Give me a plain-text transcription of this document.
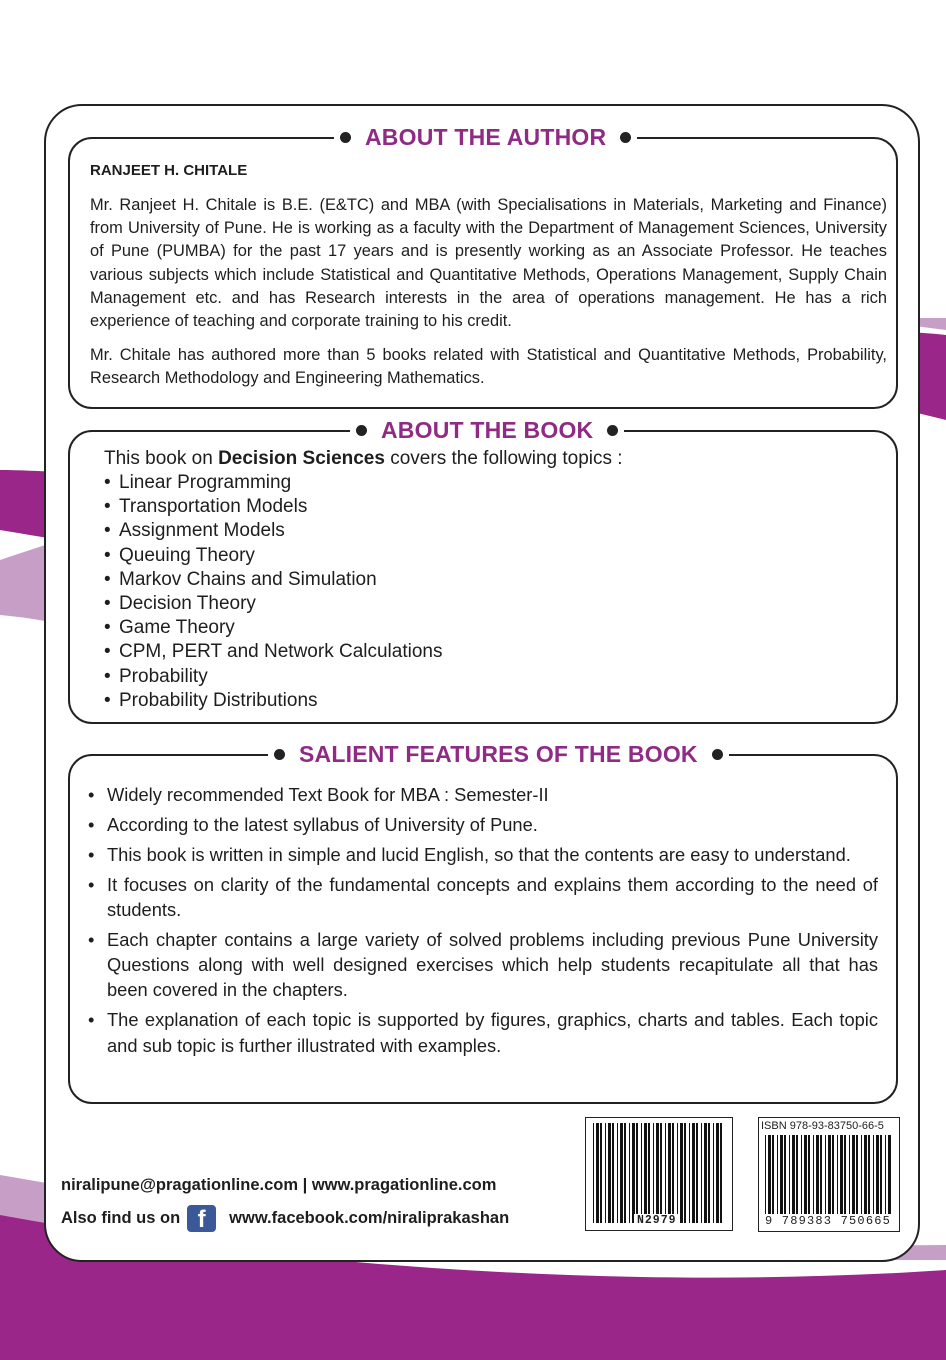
ABOUT THE AUTHOR
RANJEET H. CHITALE

Mr. Ranjeet H. Chitale is B.E. (E&TC) and MBA (with Specialisations in Materials, Marketing and Finance) from University of Pune. He is working as a faculty with the Department of Management Sciences, University of Pune (PUMBA) for the past 17 years and is presently working as an Associate Professor. He teaches various subjects which include Statistical and Quantitative Methods, Operations Management, Supply Chain Management etc. and has Research interests in the area of operations management. He has a rich experience of teaching and corporate training to his credit.

Mr. Chitale has authored more than 5 books related with Statistical and Quantitative Methods, Probability, Research Methodology and Engineering Mathematics.

ABOUT THE BOOK
This book on Decision Sciences covers the following topics :
• Linear Programming
• Transportation Models
• Assignment Models
• Queuing Theory
• Markov Chains and Simulation
• Decision Theory
• Game Theory
• CPM, PERT and Network Calculations
• Probability
• Probability Distributions
SALIENT FEATURES OF THE BOOK
• Widely recommended Text Book for MBA : Semester-II
• According to the latest syllabus of University of Pune.
• This book is written in simple and lucid English, so that the contents are easy to understand.
• It focuses on clarity of the fundamental concepts and explains them according to the need of students.
• Each chapter contains a large variety of solved problems including previous Pune University Questions along with well designed exercises which help students recapitulate all that has been covered in the chapters.
• The explanation of each topic is supported by figures, graphics, charts and tables. Each topic and sub topic is further illustrated with examples.
niralipune@pragationline.com | www.pragationline.com
Also find us on f	www.facebook.com/niraliprakashan	N2979
ISBN 978-93-83750-66-5
9 789383 750665
